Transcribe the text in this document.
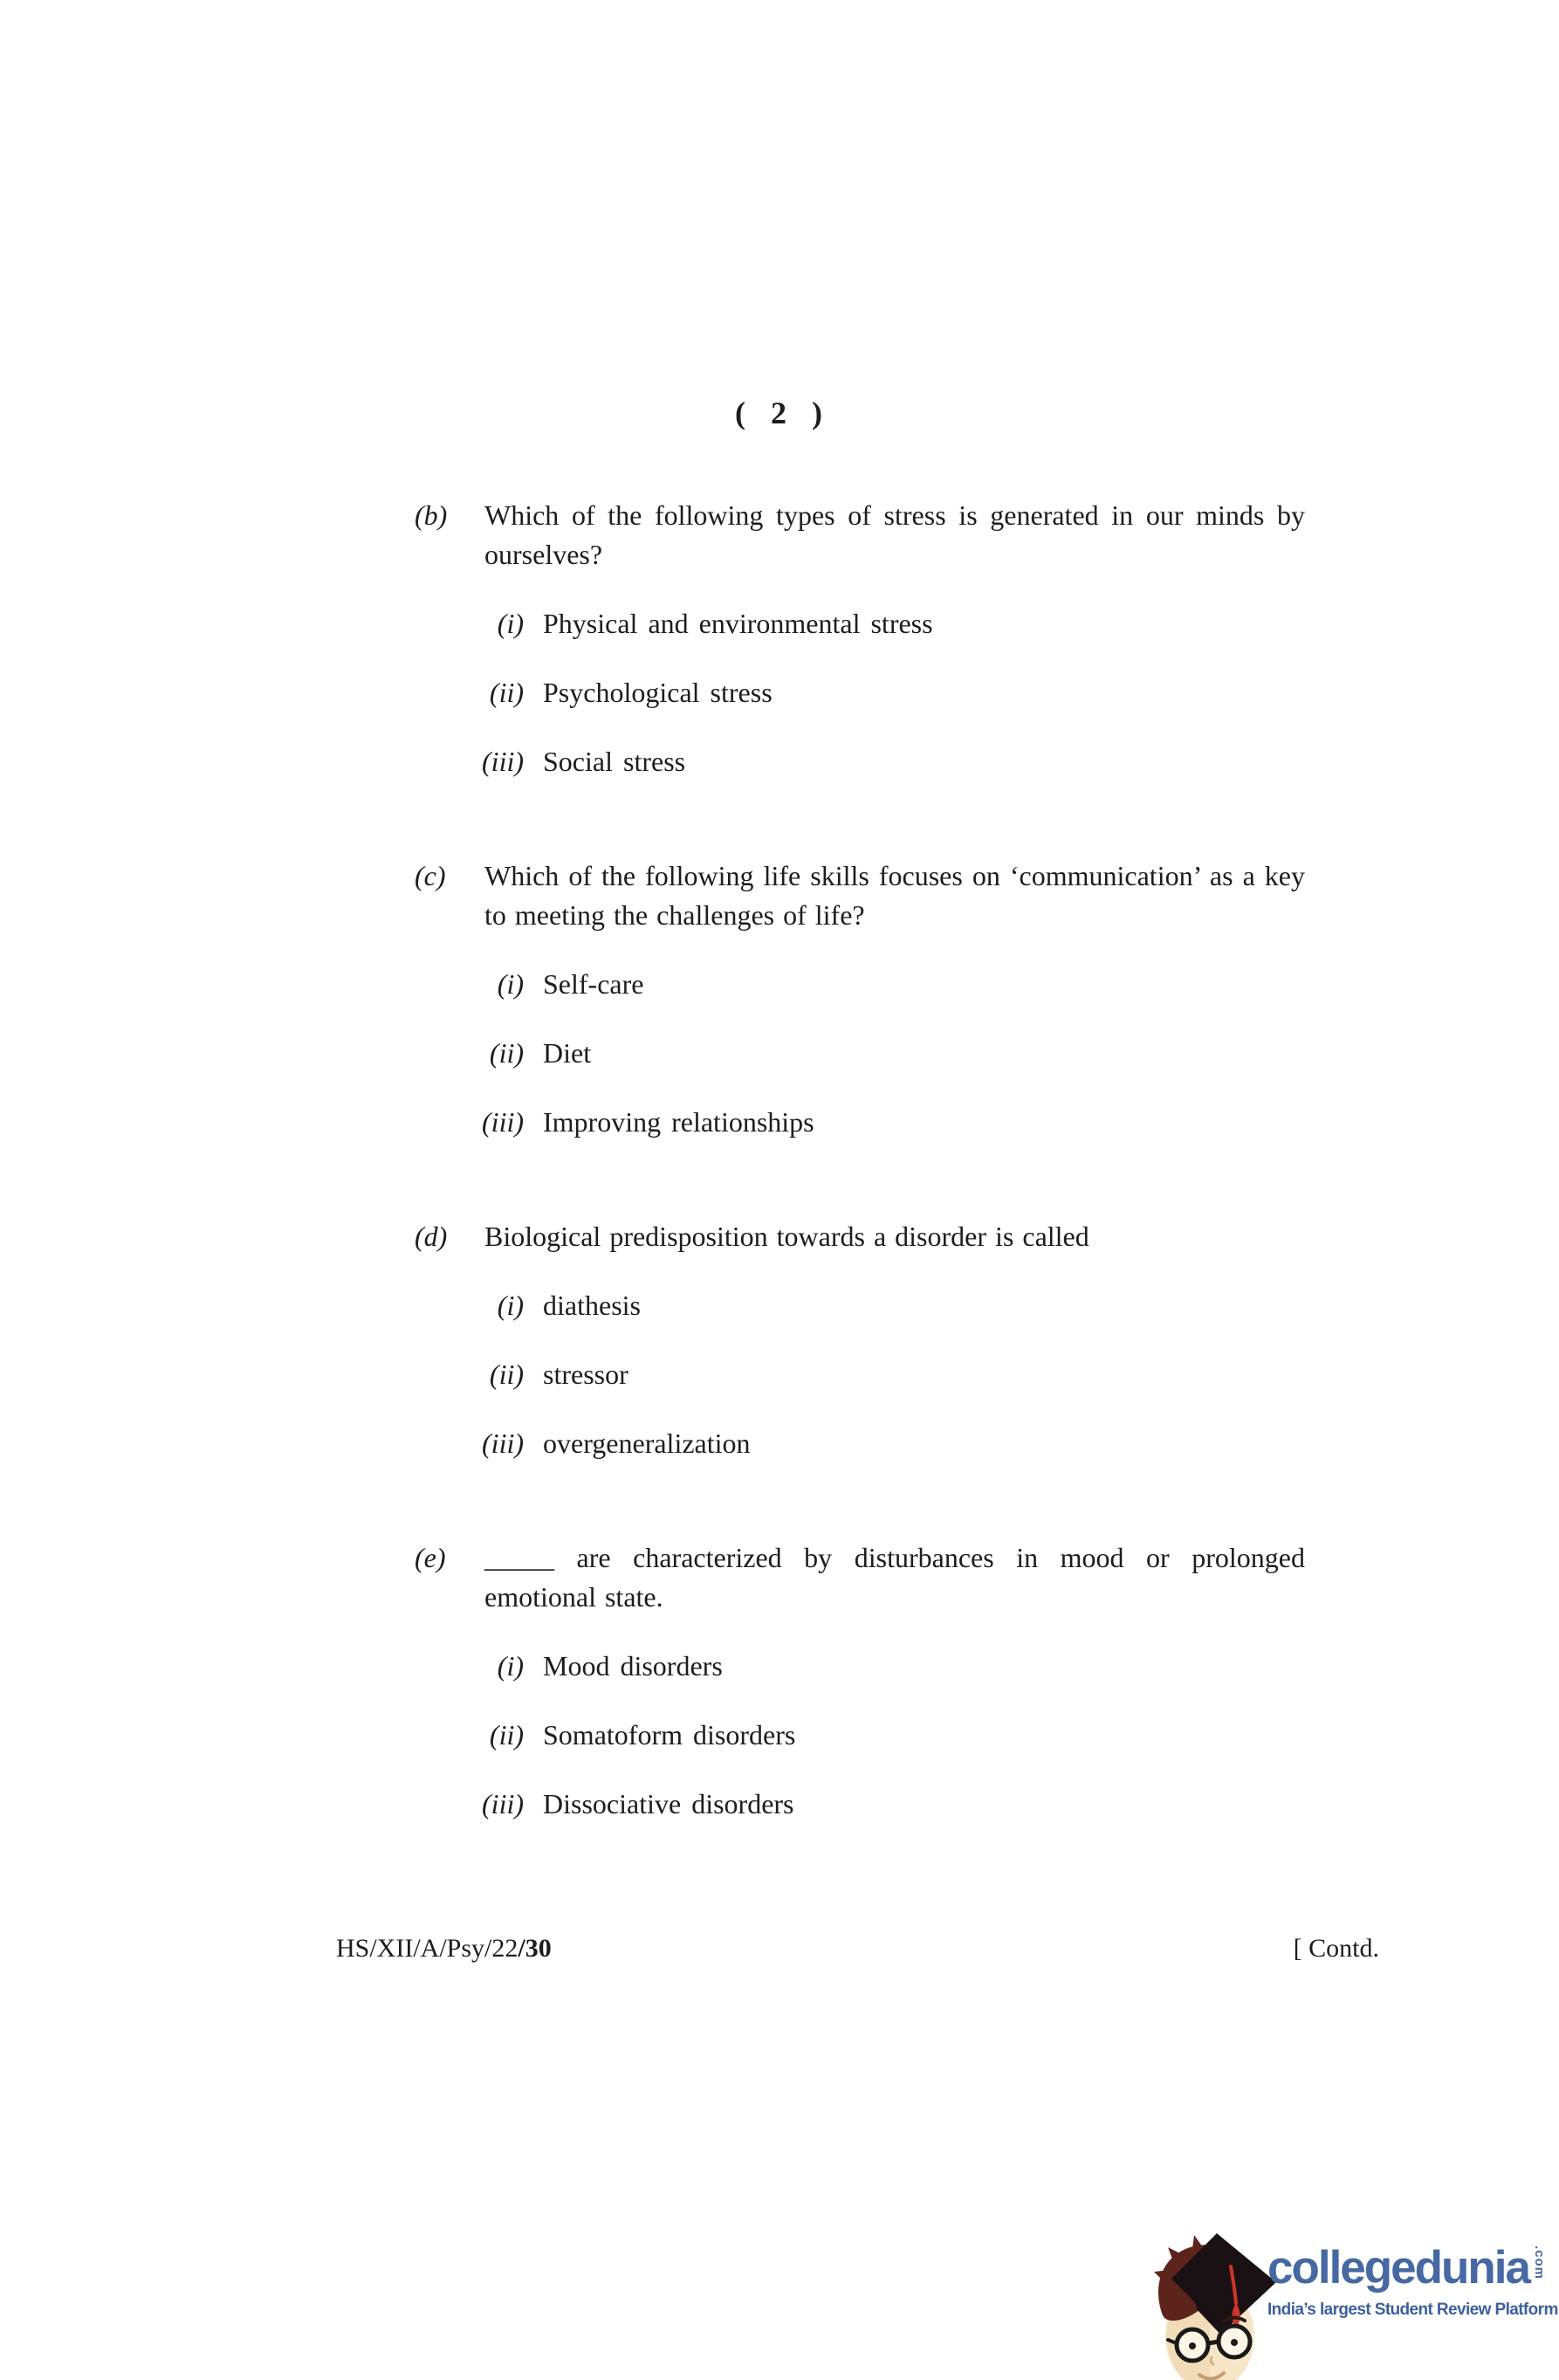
( 2 )
(b)	Which of the following types of stress is generated in our minds by ourselves?
(i) Physical and environmental stress
(ii) Psychological stress
(iii) Social stress
(c)	Which of the following life skills focuses on ‘communication’ as a key to meeting the challenges of life?
(i) Self-care
(ii) Diet
(iii) Improving relationships
(d)	Biological predisposition towards a disorder is called
(i) diathesis
(ii) stressor
(iii) overgeneralization
(e)	_____ are characterized by disturbances in mood or prolonged emotional state.
(i) Mood disorders
(ii) Somatoform disorders
(iii) Dissociative disorders
HS/XII/A/Psy/22/30	[ Contd.
collegedunia .com
India’s largest Student Review Platform
